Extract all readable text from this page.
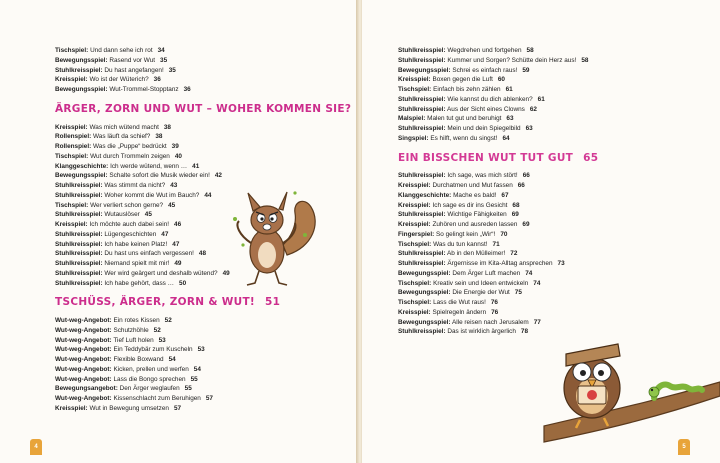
Tischspiel: Und dann sehe ich rot 34
Bewegungsspiel: Rasend vor Wut 35
Stuhlkreisspiel: Du hast angefangen! 35
Kreisspiel: Wo ist der Wüterich? 36
Bewegungsspiel: Wut-Trommel-Stopptanz 36
ÄRGER, ZORN UND WUT – WOHER KOMMEN SIE?
Kreisspiel: Was mich wütend macht 38
Rollenspiel: Was läuft da schief? 38
Rollenspiel: Was die „Puppe“ bedrückt 39
Tischspiel: Wut durch Trommeln zeigen 40
Klanggeschichte: Ich werde wütend, wenn … 41
Bewegungsspiel: Schalte sofort die Musik wieder ein! 42
Stuhlkreisspiel: Was stimmt da nicht? 43
Stuhlkreisspiel: Woher kommt die Wut im Bauch? 44
Tischspiel: Wer verliert schon gerne? 45
Stuhlkreisspiel: Wutauslöser 45
Kreisspiel: Ich möchte auch dabei sein! 46
Stuhlkreisspiel: Lügengeschichten 47
Stuhlkreisspiel: Ich habe keinen Platz! 47
Stuhlkreisspiel: Du hast uns einfach vergessen! 48
Stuhlkreisspiel: Niemand spielt mit mir! 49
Stuhlkreisspiel: Wer wird geärgert und deshalb wütend? 49
Stuhlkreisspiel: Ich habe gehört, dass … 50
TSCHÜSS, ÄRGER, ZORN & WUT! 51
Wut-weg-Angebot: Ein rotes Kissen 52
Wut-weg-Angebot: Schutzhöhle 52
Wut-weg-Angebot: Tief Luft holen 53
Wut-weg-Angebot: Ein Teddybär zum Kuscheln 53
Wut-weg-Angebot: Flexible Boxwand 54
Wut-weg-Angebot: Kicken, prellen und werfen 54
Wut-weg-Angebot: Lass die Bongo sprechen 55
Bewegungsangebot: Den Ärger weglaufen 55
Wut-weg-Angebot: Kissenschlacht zum Beruhigen 57
Kreisspiel: Wut in Bewegung umsetzen 57
4
Stuhlkreisspiel: Wegdrehen und fortgehen 58
Stuhlkreisspiel: Kummer und Sorgen? Schütte dein Herz aus! 58
Bewegungsspiel: Schrei es einfach raus! 59
Kreisspiel: Boxen gegen die Luft 60
Tischspiel: Einfach bis zehn zählen 61
Stuhlkreisspiel: Wie kannst du dich ablenken? 61
Stuhlkreisspiel: Aus der Sicht eines Clowns 62
Malspiel: Malen tut gut und beruhigt 63
Stuhlkreisspiel: Mein und dein Spiegelbild 63
Singspiel: Es hilft, wenn du singst! 64
EIN BISSCHEN WUT TUT GUT 65
Stuhlkreisspiel: Ich sage, was mich stört! 66
Kreisspiel: Durchatmen und Mut fassen 66
Klanggeschichte: Mache es bald! 67
Kreisspiel: Ich sage es dir ins Gesicht 68
Stuhlkreisspiel: Wichtige Fähigkeiten 69
Kreisspiel: Zuhören und ausreden lassen 69
Fingerspiel: So gelingt kein „Wir“! 70
Tischspiel: Was du tun kannst! 71
Stuhlkreisspiel: Ab in den Mülleimer! 72
Stuhlkreisspiel: Ärgernisse im Kita-Alltag ansprechen 73
Bewegungsspiel: Dem Ärger Luft machen 74
Tischspiel: Kreativ sein und Ideen entwickeln 74
Bewegungsspiel: Die Energie der Wut 75
Tischspiel: Lass die Wut raus! 76
Kreisspiel: Spielregeln ändern 76
Bewegungsspiel: Alle reisen nach Jerusalem 77
Stuhlkreisspiel: Das ist wirklich ärgerlich 78
5
